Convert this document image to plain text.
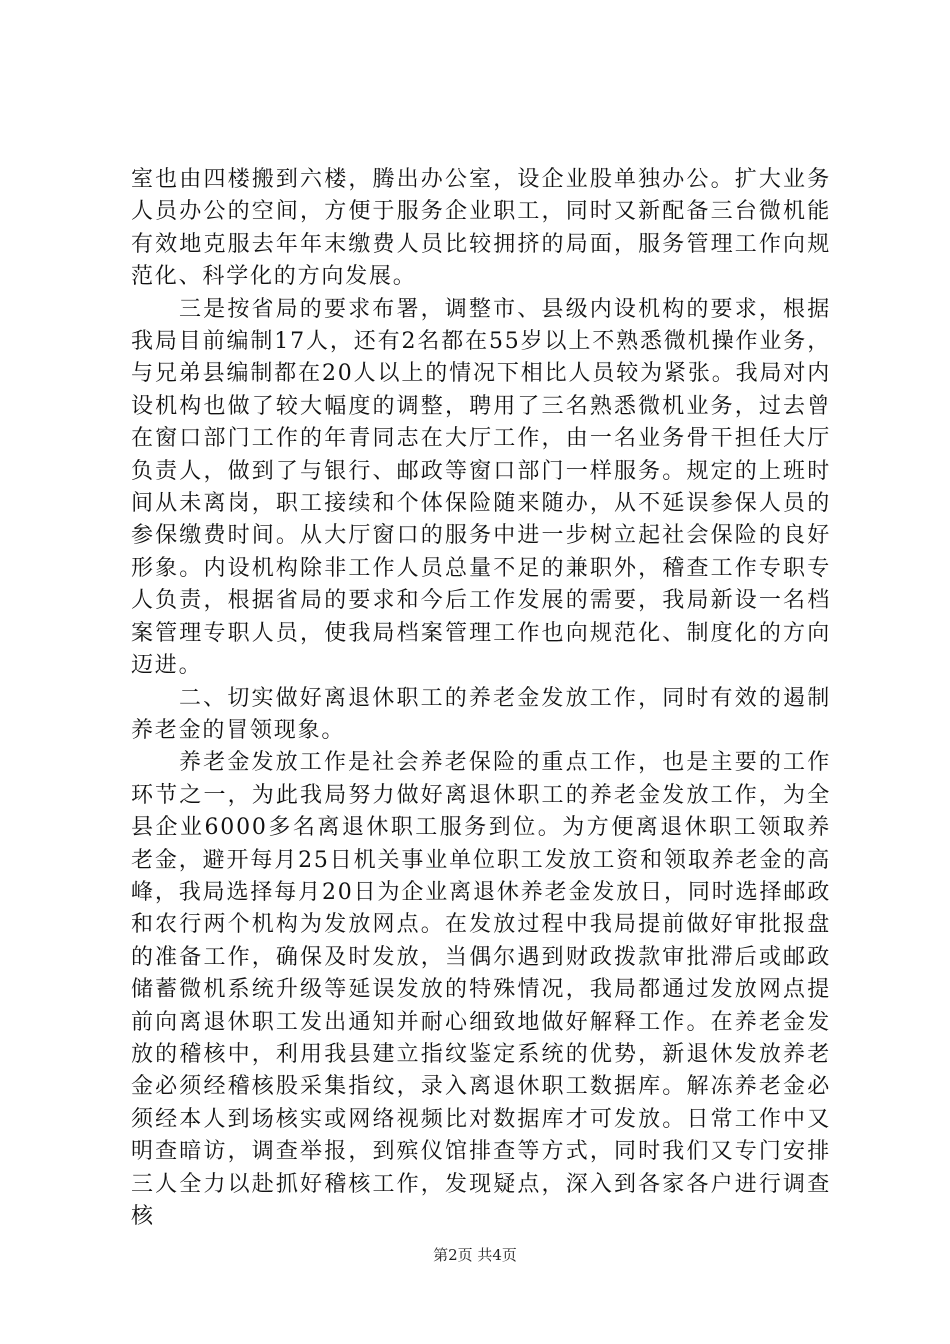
室也由四楼搬到六楼，腾出办公室，设企业股单独办公。扩大业务人员办公的空间，方便于服务企业职工，同时又新配备三台微机能有效地克服去年年末缴费人员比较拥挤的局面，服务管理工作向规范化、科学化的方向发展。

三是按省局的要求布署，调整市、县级内设机构的要求，根据我局目前编制17人，还有2名都在55岁以上不熟悉微机操作业务，与兄弟县编制都在20人以上的情况下相比人员较为紧张。我局对内设机构也做了较大幅度的调整，聘用了三名熟悉微机业务，过去曾在窗口部门工作的年青同志在大厅工作，由一名业务骨干担任大厅负责人，做到了与银行、邮政等窗口部门一样服务。规定的上班时间从未离岗，职工接续和个体保险随来随办，从不延误参保人员的参保缴费时间。从大厅窗口的服务中进一步树立起社会保险的良好形象。内设机构除非工作人员总量不足的兼职外，稽查工作专职专人负责，根据省局的要求和今后工作发展的需要，我局新设一名档案管理专职人员，使我局档案管理工作也向规范化、制度化的方向迈进。

二、切实做好离退休职工的养老金发放工作，同时有效的遏制养老金的冒领现象。

养老金发放工作是社会养老保险的重点工作，也是主要的工作环节之一，为此我局努力做好离退休职工的养老金发放工作，为全县企业6000多名离退休职工服务到位。为方便离退休职工领取养老金，避开每月25日机关事业单位职工发放工资和领取养老金的高峰，我局选择每月20日为企业离退休养老金发放日，同时选择邮政和农行两个机构为发放网点。在发放过程中我局提前做好审批报盘的准备工作，确保及时发放，当偶尔遇到财政拨款审批滞后或邮政储蓄微机系统升级等延误发放的特殊情况，我局都通过发放网点提前向离退休职工发出通知并耐心细致地做好解释工作。在养老金发放的稽核中，利用我县建立指纹鉴定系统的优势，新退休发放养老金必须经稽核股采集指纹，录入离退休职工数据库。解冻养老金必须经本人到场核实或网络视频比对数据库才可发放。日常工作中又明查暗访，调查举报，到殡仪馆排查等方式，同时我们又专门安排三人全力以赴抓好稽核工作，发现疑点，深入到各家各户进行调查核

第2页 共4页
